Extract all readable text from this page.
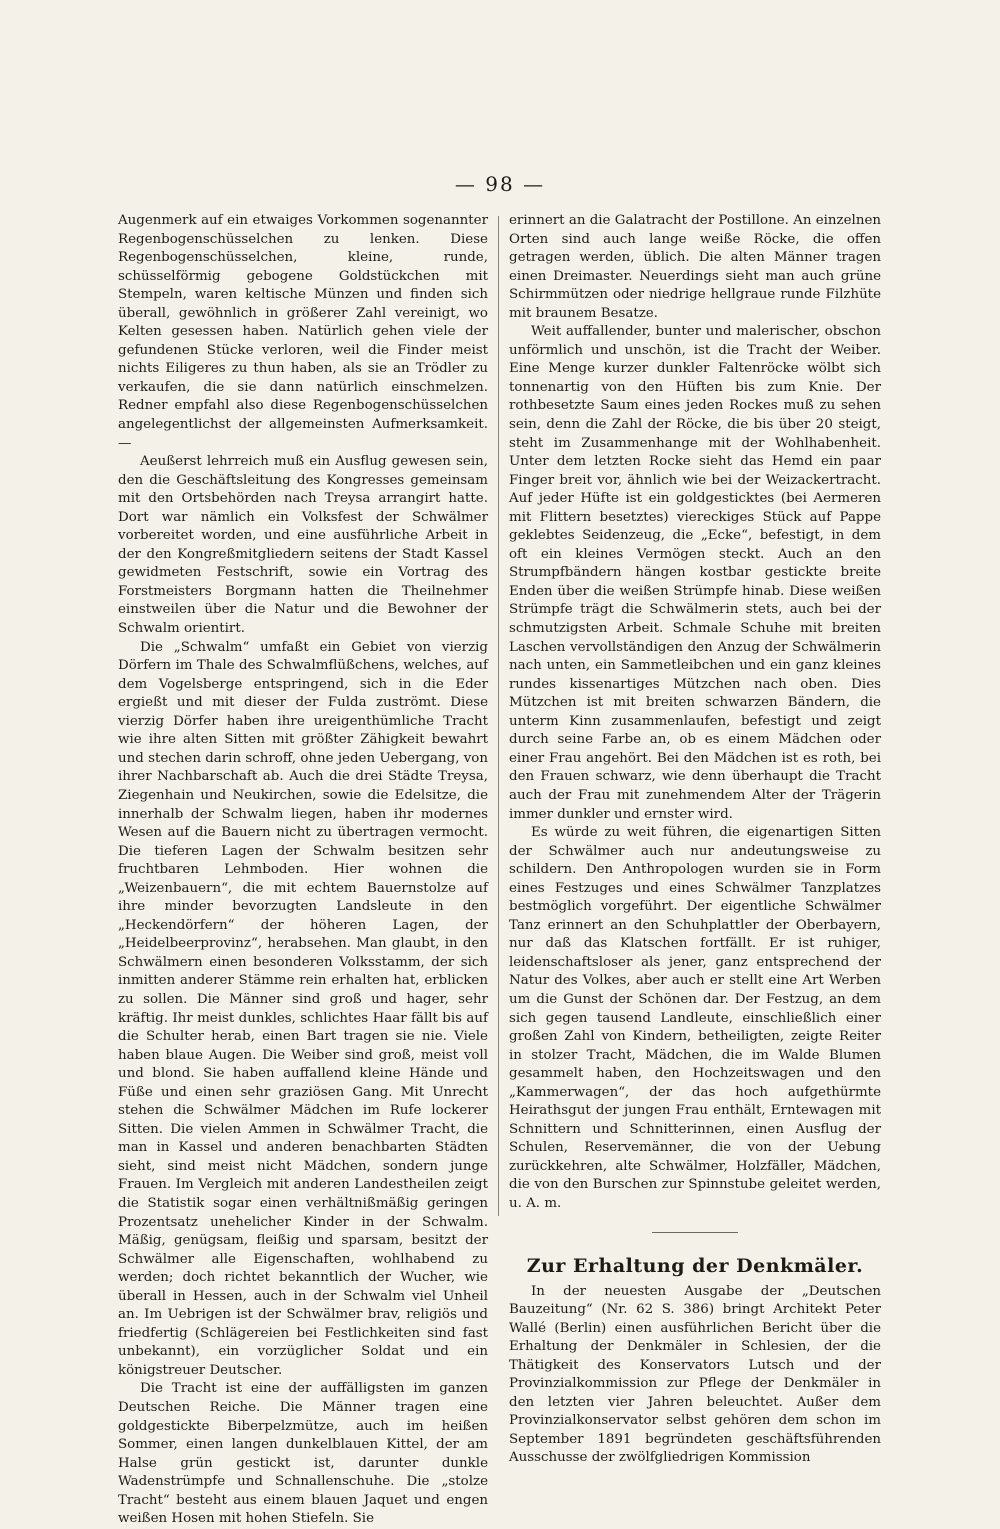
— 98 —

Augenmerk auf ein etwaiges Vorkommen sogenannter Regenbogenschüsselchen zu lenken. Diese Regenbogenschüsselchen, kleine, runde, schüsselförmig gebogene Goldstückchen mit Stempeln, waren keltische Münzen und finden sich überall, gewöhnlich in größerer Zahl vereinigt, wo Kelten gesessen haben. Natürlich gehen viele der gefundenen Stücke verloren, weil die Finder meist nichts Eiligeres zu thun haben, als sie an Trödler zu verkaufen, die sie dann natürlich einschmelzen. Redner empfahl also diese Regenbogenschüsselchen angelegentlichst der allgemeinsten Aufmerksamkeit. —

Aeußerst lehrreich muß ein Ausflug gewesen sein, den die Geschäftsleitung des Kongresses gemeinsam mit den Ortsbehörden nach Treysa arrangirt hatte. Dort war nämlich ein Volksfest der Schwälmer vorbereitet worden, und eine ausführliche Arbeit in der den Kongreßmitgliedern seitens der Stadt Kassel gewidmeten Festschrift, sowie ein Vortrag des Forstmeisters Borgmann hatten die Theilnehmer einstweilen über die Natur und die Bewohner der Schwalm orientirt.

Die „Schwalm“ umfaßt ein Gebiet von vierzig Dörfern im Thale des Schwalmflüßchens, welches, auf dem Vogelsberge entspringend, sich in die Eder ergießt und mit dieser der Fulda zuströmt. Diese vierzig Dörfer haben ihre ureigenthümliche Tracht wie ihre alten Sitten mit größter Zähigkeit bewahrt und stechen darin schroff, ohne jeden Uebergang, von ihrer Nachbarschaft ab. Auch die drei Städte Treysa, Ziegenhain und Neukirchen, sowie die Edelsitze, die innerhalb der Schwalm liegen, haben ihr modernes Wesen auf die Bauern nicht zu übertragen vermocht. Die tieferen Lagen der Schwalm besitzen sehr fruchtbaren Lehmboden. Hier wohnen die „Weizenbauern“, die mit echtem Bauernstolze auf ihre minder bevorzugten Landsleute in den „Heckendörfern“ der höheren Lagen, der „Heidelbeerprovinz“, herabsehen. Man glaubt, in den Schwälmern einen besonderen Volksstamm, der sich inmitten anderer Stämme rein erhalten hat, erblicken zu sollen. Die Männer sind groß und hager, sehr kräftig. Ihr meist dunkles, schlichtes Haar fällt bis auf die Schulter herab, einen Bart tragen sie nie. Viele haben blaue Augen. Die Weiber sind groß, meist voll und blond. Sie haben auffallend kleine Hände und Füße und einen sehr graziösen Gang. Mit Unrecht stehen die Schwälmer Mädchen im Rufe lockerer Sitten. Die vielen Ammen in Schwälmer Tracht, die man in Kassel und anderen benachbarten Städten sieht, sind meist nicht Mädchen, sondern junge Frauen. Im Vergleich mit anderen Landestheilen zeigt die Statistik sogar einen verhältnißmäßig geringen Prozentsatz unehelicher Kinder in der Schwalm. Mäßig, genügsam, fleißig und sparsam, besitzt der Schwälmer alle Eigenschaften, wohlhabend zu werden; doch richtet bekanntlich der Wucher, wie überall in Hessen, auch in der Schwalm viel Unheil an. Im Uebrigen ist der Schwälmer brav, religiös und friedfertig (Schlägereien bei Festlichkeiten sind fast unbekannt), ein vorzüglicher Soldat und ein königstreuer Deutscher.

Die Tracht ist eine der auffälligsten im ganzen Deutschen Reiche. Die Männer tragen eine goldgestickte Biberpelzmütze, auch im heißen Sommer, einen langen dunkelblauen Kittel, der am Halse grün gestickt ist, darunter dunkle Wadenstrümpfe und Schnallenschuhe. Die „stolze Tracht“ besteht aus einem blauen Jaquet und engen weißen Hosen mit hohen Stiefeln. Sie

erinnert an die Galatracht der Postillone. An einzelnen Orten sind auch lange weiße Röcke, die offen getragen werden, üblich. Die alten Männer tragen einen Dreimaster. Neuerdings sieht man auch grüne Schirmmützen oder niedrige hellgraue runde Filzhüte mit braunem Besatze.

Weit auffallender, bunter und malerischer, obschon unförmlich und unschön, ist die Tracht der Weiber. Eine Menge kurzer dunkler Faltenröcke wölbt sich tonnenartig von den Hüften bis zum Knie. Der rothbesetzte Saum eines jeden Rockes muß zu sehen sein, denn die Zahl der Röcke, die bis über 20 steigt, steht im Zusammenhange mit der Wohlhabenheit. Unter dem letzten Rocke sieht das Hemd ein paar Finger breit vor, ähnlich wie bei der Weizackertracht. Auf jeder Hüfte ist ein goldgesticktes (bei Aermeren mit Flittern besetztes) viereckiges Stück auf Pappe geklebtes Seidenzeug, die „Ecke“, befestigt, in dem oft ein kleines Vermögen steckt. Auch an den Strumpfbändern hängen kostbar gestickte breite Enden über die weißen Strümpfe hinab. Diese weißen Strümpfe trägt die Schwälmerin stets, auch bei der schmutzigsten Arbeit. Schmale Schuhe mit breiten Laschen vervollständigen den Anzug der Schwälmerin nach unten, ein Sammetleibchen und ein ganz kleines rundes kissenartiges Mützchen nach oben. Dies Mützchen ist mit breiten schwarzen Bändern, die unterm Kinn zusammenlaufen, befestigt und zeigt durch seine Farbe an, ob es einem Mädchen oder einer Frau angehört. Bei den Mädchen ist es roth, bei den Frauen schwarz, wie denn überhaupt die Tracht auch der Frau mit zunehmendem Alter der Trägerin immer dunkler und ernster wird.

Es würde zu weit führen, die eigenartigen Sitten der Schwälmer auch nur andeutungsweise zu schildern. Den Anthropologen wurden sie in Form eines Festzuges und eines Schwälmer Tanzplatzes bestmöglich vorgeführt. Der eigentliche Schwälmer Tanz erinnert an den Schuhplattler der Oberbayern, nur daß das Klatschen fortfällt. Er ist ruhiger, leidenschaftsloser als jener, ganz entsprechend der Natur des Volkes, aber auch er stellt eine Art Werben um die Gunst der Schönen dar. Der Festzug, an dem sich gegen tausend Landleute, einschließlich einer großen Zahl von Kindern, betheiligten, zeigte Reiter in stolzer Tracht, Mädchen, die im Walde Blumen gesammelt haben, den Hochzeitswagen und den „Kammerwagen“, der das hoch aufgethürmte Heirathsgut der jungen Frau enthält, Erntewagen mit Schnittern und Schnitterinnen, einen Ausflug der Schulen, Reservemänner, die von der Uebung zurückkehren, alte Schwälmer, Holzfäller, Mädchen, die von den Burschen zur Spinnstube geleitet werden, u. A. m.

Zur Erhaltung der Denkmäler.

In der neuesten Ausgabe der „Deutschen Bauzeitung“ (Nr. 62 S. 386) bringt Architekt Peter Wallé (Berlin) einen ausführlichen Bericht über die Erhaltung der Denkmäler in Schlesien, der die Thätigkeit des Konservators Lutsch und der Provinzialkommission zur Pflege der Denkmäler in den letzten vier Jahren beleuchtet. Außer dem Provinzialkonservator selbst gehören dem schon im September 1891 begründeten geschäftsführenden Ausschusse der zwölfgliedrigen Kommission
